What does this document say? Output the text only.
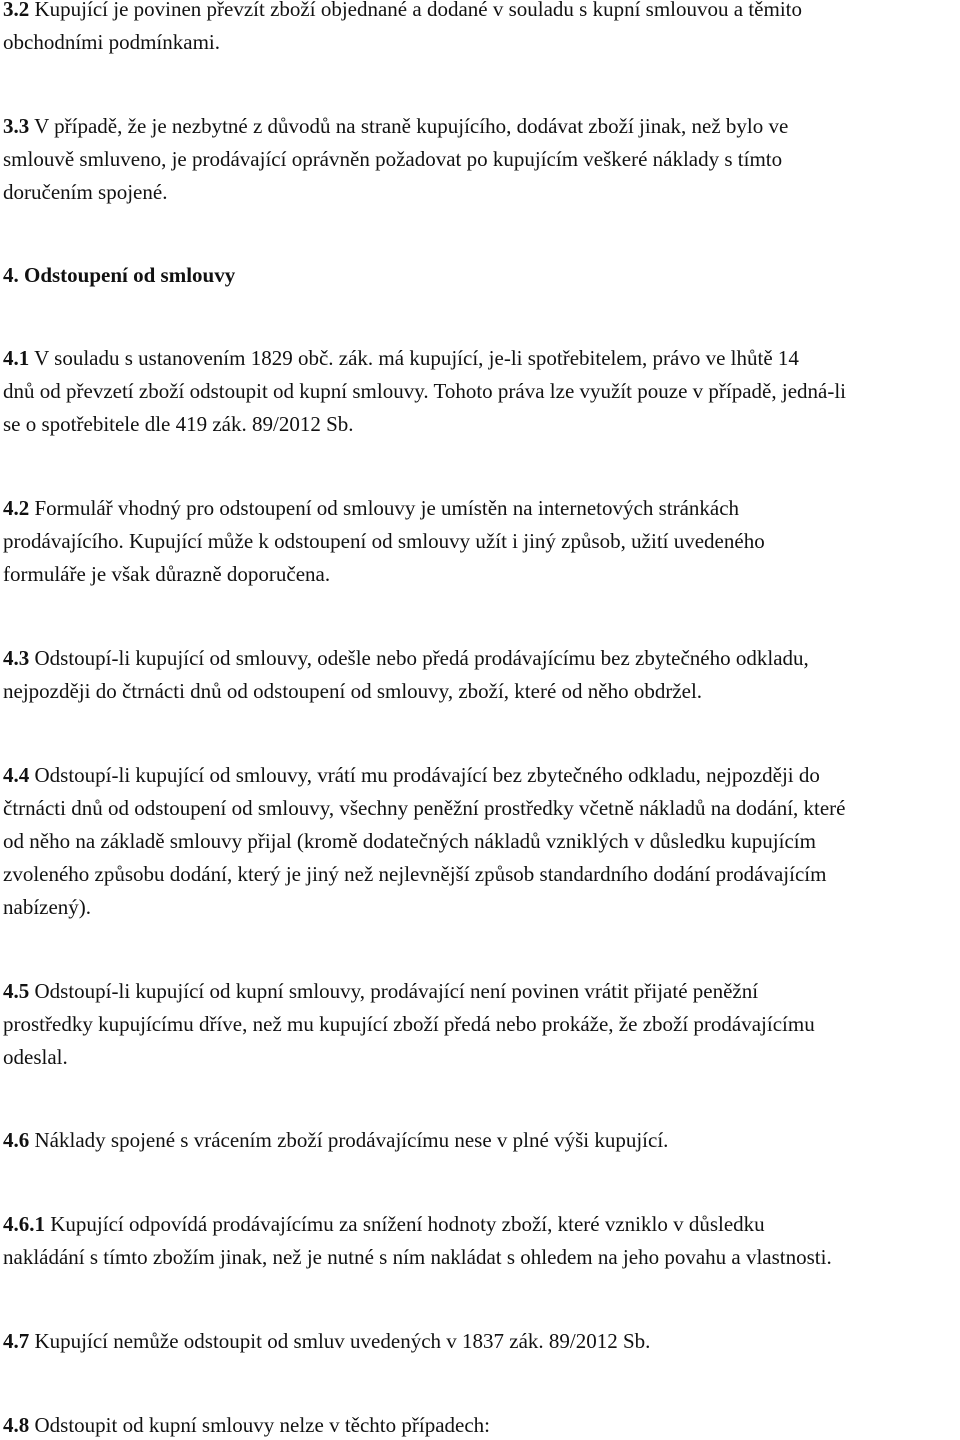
3.2 Kupující je povinen převzít zboží objednané a dodané v souladu s kupní smlouvou a těmito
obchodními podmínkami.
3.3 V případě, že je nezbytné z důvodů na straně kupujícího, dodávat zboží jinak, než bylo ve
smlouvě smluveno, je prodávající oprávněn požadovat po kupujícím veškeré náklady s tímto
doručením spojené.
4. Odstoupení od smlouvy
4.1 V souladu s ustanovením 1829 obč. zák. má kupující, je-li spotřebitelem, právo ve lhůtě 14
dnů od převzetí zboží odstoupit od kupní smlouvy. Tohoto práva lze využít pouze v případě, jedná-li
se o spotřebitele dle 419 zák. 89/2012 Sb.
4.2 Formulář vhodný pro odstoupení od smlouvy je umístěn na internetových stránkách
prodávajícího. Kupující může k odstoupení od smlouvy užít i jiný způsob, užití uvedeného
formuláře je však důrazně doporučena.
4.3 Odstoupí-li kupující od smlouvy, odešle nebo předá prodávajícímu bez zbytečného odkladu,
nejpozději do čtrnácti dnů od odstoupení od smlouvy, zboží, které od něho obdržel.
4.4 Odstoupí-li kupující od smlouvy, vrátí mu prodávající bez zbytečného odkladu, nejpozději do
čtrnácti dnů od odstoupení od smlouvy, všechny peněžní prostředky včetně nákladů na dodání, které
od něho na základě smlouvy přijal (kromě dodatečných nákladů vzniklých v důsledku kupujícím
zvoleného způsobu dodání, který je jiný než nejlevnější způsob standardního dodání prodávajícím
nabízený).
4.5 Odstoupí-li kupující od kupní smlouvy, prodávající není povinen vrátit přijaté peněžní
prostředky kupujícímu dříve, než mu kupující zboží předá nebo prokáže, že zboží prodávajícímu
odeslal.
4.6 Náklady spojené s vrácením zboží prodávajícímu nese v plné výši kupující.
4.6.1 Kupující odpovídá prodávajícímu za snížení hodnoty zboží, které vzniklo v důsledku
nakládání s tímto zbožím jinak, než je nutné s ním nakládat s ohledem na jeho povahu a vlastnosti.
4.7 Kupující nemůže odstoupit od smluv uvedených v 1837 zák. 89/2012 Sb.
4.8 Odstoupit od kupní smlouvy nelze v těchto případech:
